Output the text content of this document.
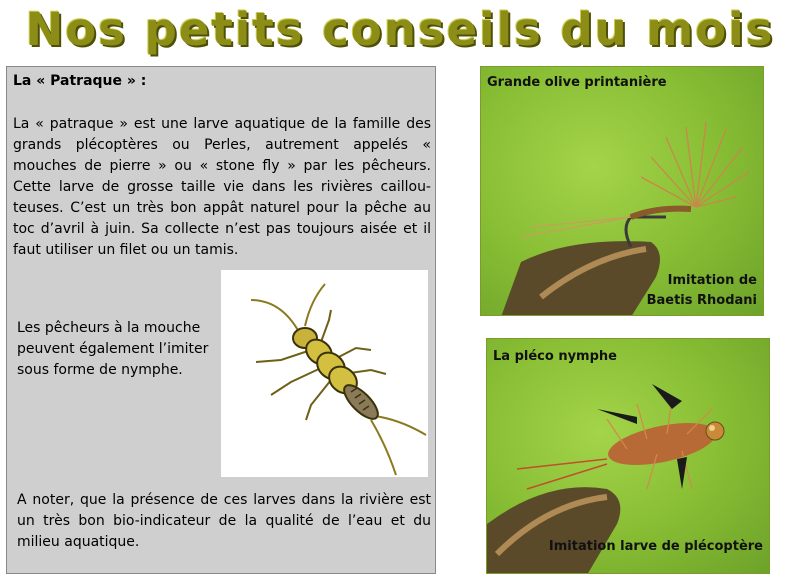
Nos petits conseils du mois

La « Patraque » :

La « patraque » est une larve aquatique de la famille des grands plécoptères ou Perles, autrement appelés « mouches de pierre » ou « stone fly » par les pêcheurs. Cette larve de grosse taille vie dans les rivières caillou-teuses. C’est un très bon appât naturel pour la pêche au toc d’avril à juin. Sa collecte n’est pas toujours aisée et il faut utiliser un filet ou un tamis.

Les pêcheurs à la mouche peuvent également l’imiter sous forme de nymphe.

A noter, que la présence de ces larves dans la rivière est un très bon bio-indicateur de la qualité de l’eau et du milieu aquatique.

Grande olive printanière
Imitation de
Baetis Rhodani
La pléco nymphe
Imitation larve de plécoptère
